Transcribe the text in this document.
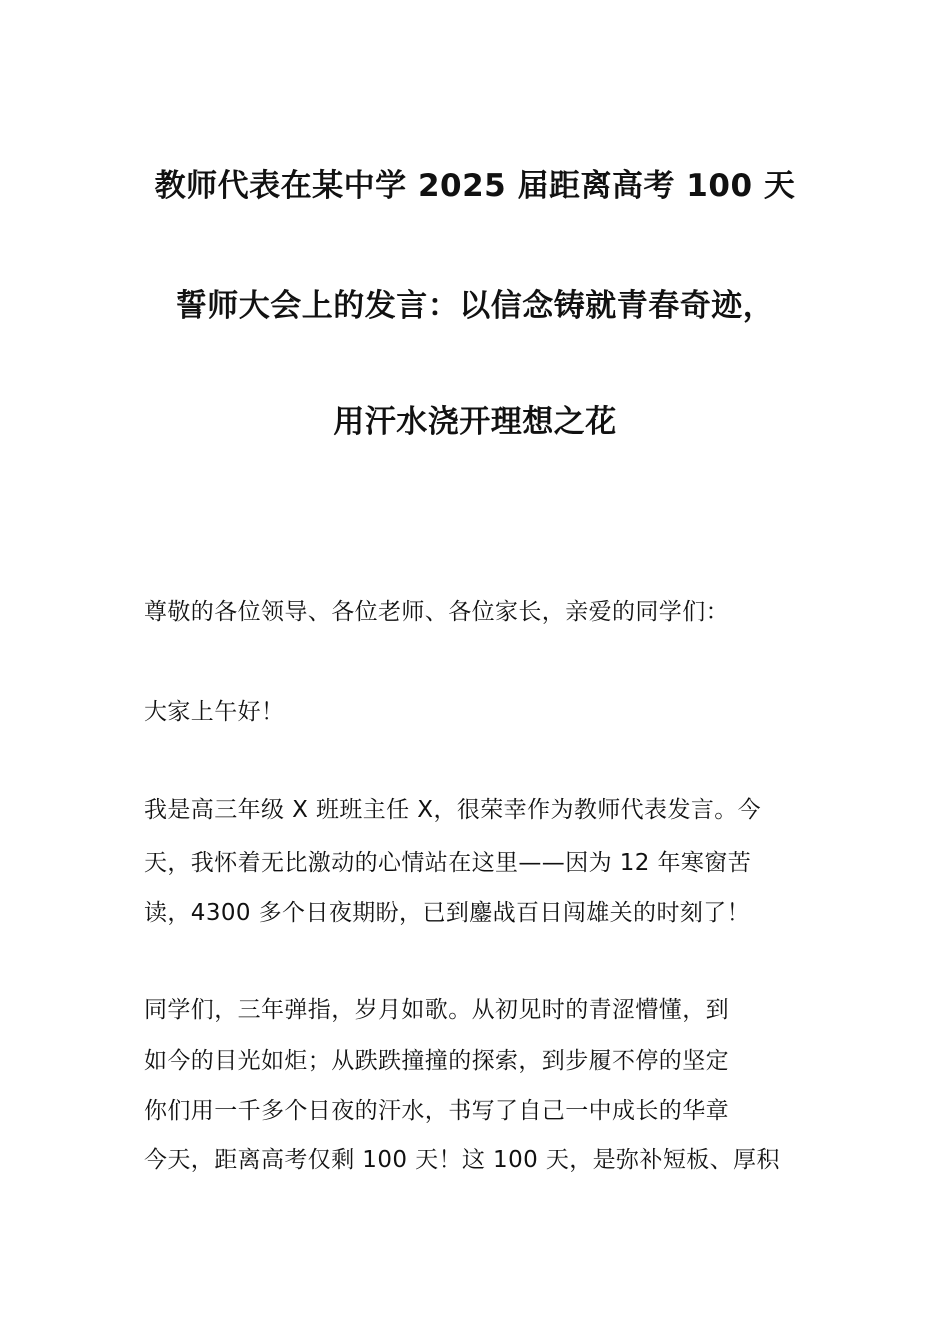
教师代表在某中学 2025 届距离高考 100 天
誓师大会上的发言：以信念铸就青春奇迹，
用汗水浇开理想之花
尊敬的各位领导、各位老师、各位家长，亲爱的同学们：
大家上午好！
我是高三年级 X 班班主任 X，很荣幸作为教师代表发言。今
天，我怀着无比激动的心情站在这里——因为 12 年寒窗苦
读，4300 多个日夜期盼，已到鏖战百日闯雄关的时刻了！
同学们，三年弹指，岁月如歌。从初见时的青涩懵懂，到
如今的目光如炬；从跌跌撞撞的探索，到步履不停的坚定
你们用一千多个日夜的汗水，书写了自己一中成长的华章
今天，距离高考仅剩 100 天！这 100 天，是弥补短板、厚积
